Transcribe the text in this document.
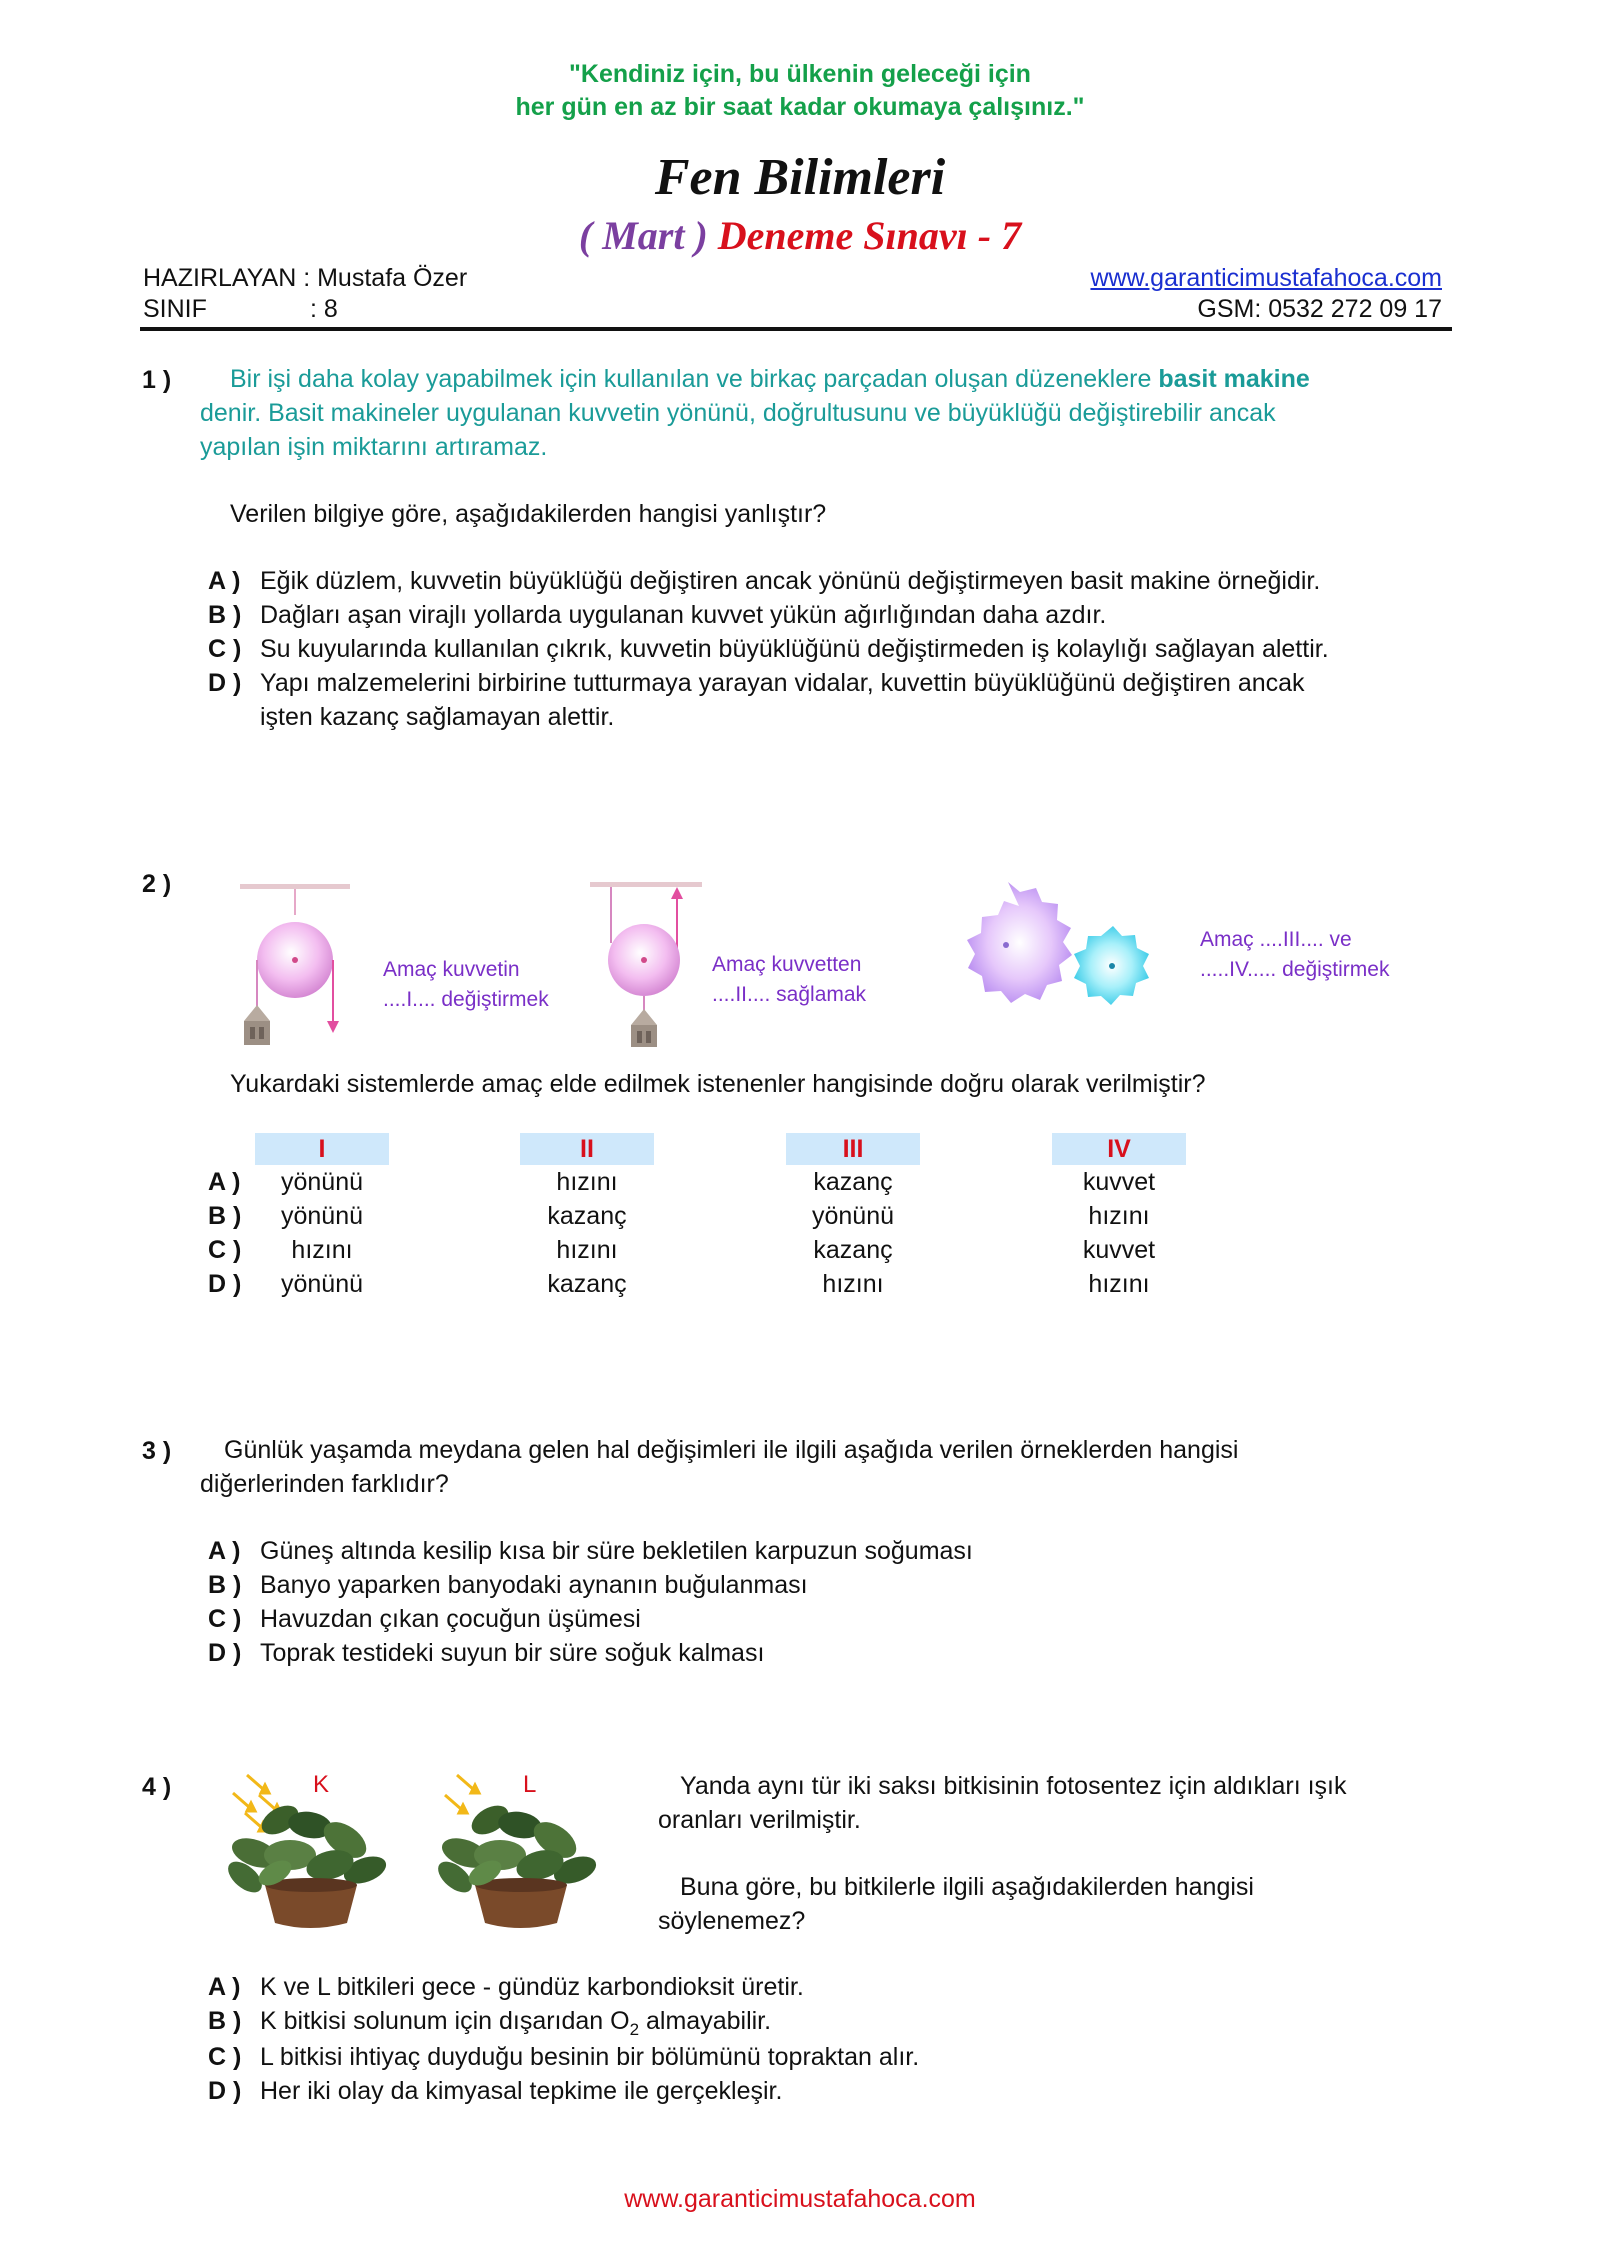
"Kendiniz için, bu ülkenin geleceği için
her gün en az bir saat kadar okumaya çalışınız."
Fen Bilimleri
( Mart ) Deneme Sınavı - 7
HAZIRLAYAN : Mustafa Özer
SINIF	: 8
www.garanticimustafahoca.com
GSM: 0532 272 09 17
1 ) Bir işi daha kolay yapabilmek için kullanılan ve birkaç parçadan oluşan düzeneklere basit makine
denir. Basit makineler uygulanan kuvvetin yönünü, doğrultusunu ve büyüklüğü değiştirebilir ancak
yapılan işin miktarını artıramaz.
Verilen bilgiye göre, aşağıdakilerden hangisi yanlıştır?
A ) Eğik düzlem, kuvvetin büyüklüğü değiştiren ancak yönünü değiştirmeyen basit makine örneğidir.
B ) Dağları aşan virajlı yollarda uygulanan kuvvet yükün ağırlığından daha azdır.
C ) Su kuyularında kullanılan çıkrık, kuvvetin büyüklüğünü değiştirmeden iş kolaylığı sağlayan alettir.
D ) Yapı malzemelerini birbirine tutturmaya yarayan vidalar, kuvettin büyüklüğünü değiştiren ancak
işten kazanç sağlamayan alettir.
2 )
Amaç kuvvetin
....I.... değiştirmek
Amaç kuvvetten
....II.... sağlamak
Amaç ....III.... ve
.....IV..... değiştirmek
Yukardaki sistemlerde amaç elde edilmek istenenler hangisinde doğru olarak verilmiştir?
I	II	III	IV
A )	yönünü	hızını	kazanç	kuvvet
B )	yönünü	kazanç	yönünü	hızını
C )	hızını	hızını	kazanç	kuvvet
D )	yönünü	kazanç	hızını	hızını
3 ) Günlük yaşamda meydana gelen hal değişimleri ile ilgili aşağıda verilen örneklerden hangisi
diğerlerinden farklıdır?
A ) Güneş altında kesilip kısa bir süre bekletilen karpuzun soğuması
B ) Banyo yaparken banyodaki aynanın buğulanması
C ) Havuzdan çıkan çocuğun üşümesi
D ) Toprak testideki suyun bir süre soğuk kalması
4 )	K	L	Yanda aynı tür iki saksı bitkisinin fotosentez için aldıkları ışık
oranları verilmiştir.
Buna göre, bu bitkilerle ilgili aşağıdakilerden hangisi
söylenemez?
A ) K ve L bitkileri gece - gündüz karbondioksit üretir.
B ) K bitkisi solunum için dışarıdan $O_2$ almayabilir.
C ) L bitkisi ihtiyaç duyduğu besinin bir bölümünü topraktan alır.
D ) Her iki olay da kimyasal tepkime ile gerçekleşir.
www.garanticimustafahoca.com
